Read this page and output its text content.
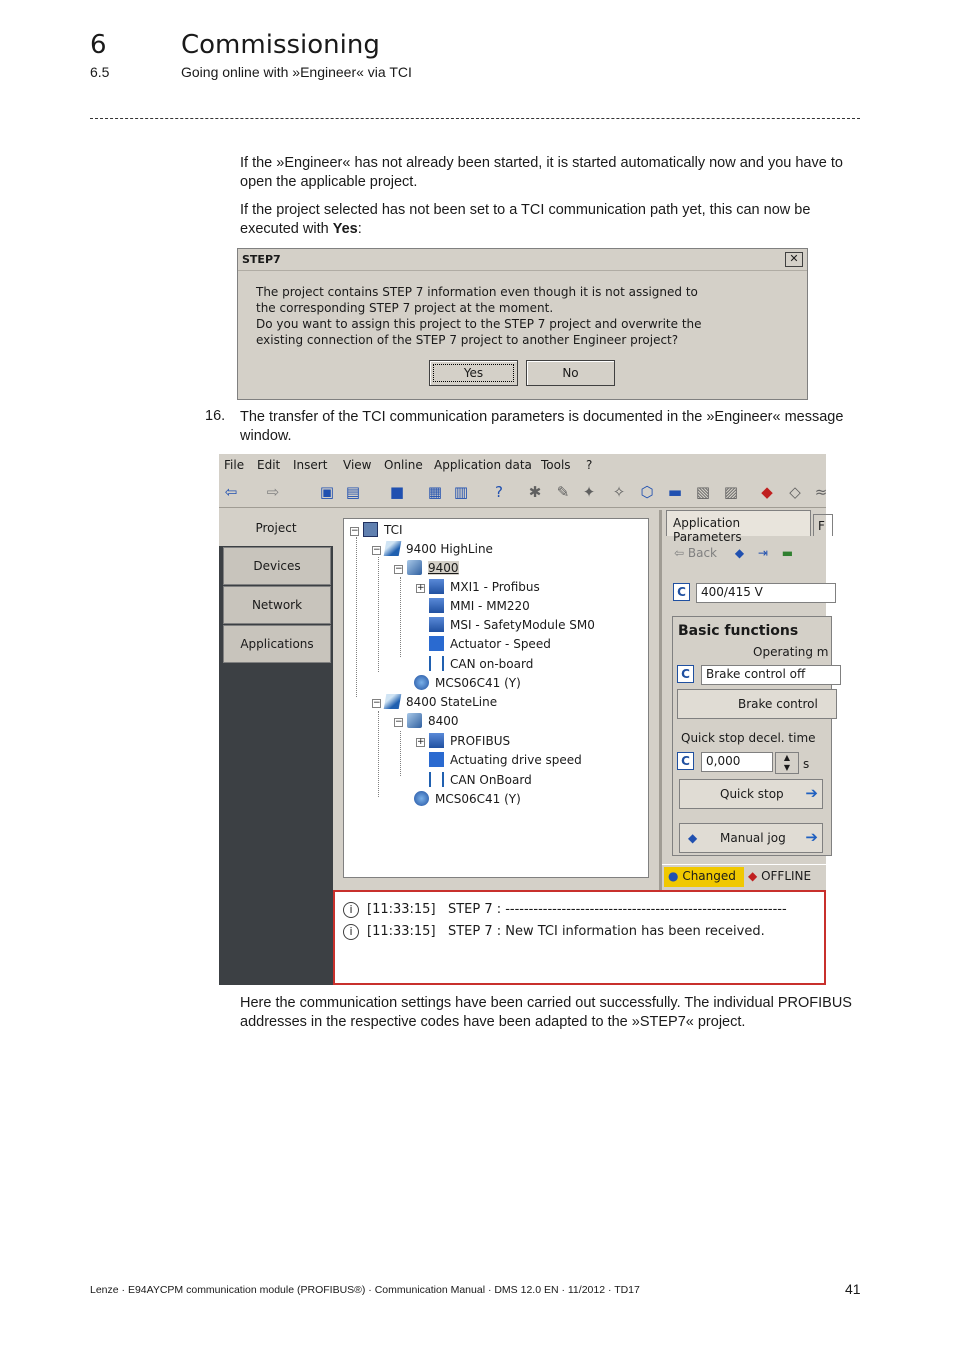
6	Commissioning
6.5	Going online with »Engineer« via TCI
If the »Engineer« has not already been started, it is started automatically now and you have to open the applicable project.
If the project selected has not been set to a TCI communication path yet, this can now be executed with Yes:
STEP7	✕
The project contains STEP 7 information even though it is not assigned to
the corresponding STEP 7 project at the moment.
Do you want to assign this project to the STEP 7 project and overwrite the
existing connection of the STEP 7 project to another Engineer project?
Yes	No
16. The transfer of the TCI communication parameters is documented in the »Engineer« message window.
File Edit Insert View Online Application data Tools ?
⇦ ⇨	▣ ▤ ■ ▦ ▥	?	✱ ✎ ✦ ✧ ⬡ ▬ ▧ ▨ ◆ ◇ ≈
Project
Devices
Network
Applications
− TCI
− 9400 HighLine
− 9400
+ MXI1 - Profibus
MMI - MM220
MSI - SafetyModule SM0
Actuator - Speed
CAN on-board
MCS06C41 (Y)
− 8400 StateLine
− 8400
+ PROFIBUS
Actuating drive speed
CAN OnBoard
MCS06C41 (Y)
Application Parameters
F
⇦ Back ◆ ⇥ ▬
C	400/415 V
Basic functions
Operating m
C	Brake control off
Brake control
Quick stop decel. time
C	0,000	▲
▼	s
Quick stop ➔
◆ Manual jog ➔
● Changed	◆ OFFLINE
i [11:33:15] STEP 7 : ------------------------------------------------------------
i [11:33:15] STEP 7 : New TCI information has been received.
Here the communication settings have been carried out successfully. The individual PROFIBUS addresses in the respective codes have been adapted to the »STEP7« project.
Lenze · E94AYCPM communication module (PROFIBUS®) · Communication Manual · DMS 12.0 EN · 11/2012 · TD17	41
